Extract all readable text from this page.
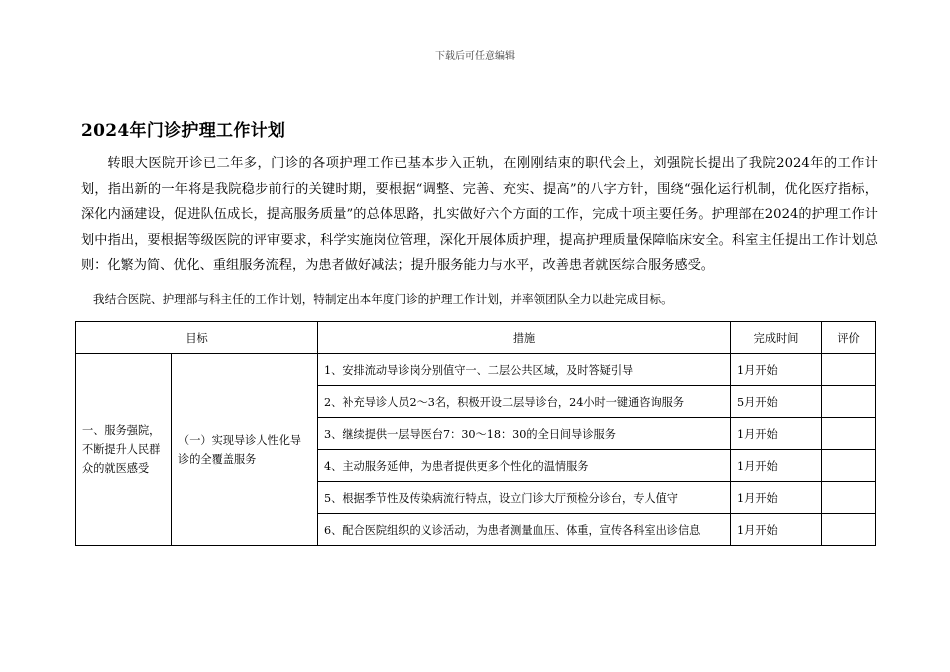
下载后可任意编辑
2024年门诊护理工作计划
转眼大医院开诊已二年多，门诊的各项护理工作已基本步入正轨，在刚刚结束的职代会上，刘强院长提出了我院2024年的工作计划，指出新的一年将是我院稳步前行的关键时期，要根据“调整、完善、充实、提高”的八字方针，围绕“强化运行机制，优化医疗指标，深化内涵建设，促进队伍成长，提高服务质量”的总体思路，扎实做好六个方面的工作，完成十项主要任务。护理部在2024的护理工作计划中指出，要根据等级医院的评审要求，科学实施岗位管理，深化开展体质护理，提高护理质量保障临床安全。科室主任提出工作计划总则：化繁为简、优化、重组服务流程，为患者做好减法；提升服务能力与水平，改善患者就医综合服务感受。
我结合医院、护理部与科主任的工作计划，特制定出本年度门诊的护理工作计划，并率领团队全力以赴完成目标。
目标		措施	完成时间	评价
一、服务强院，不断提升人民群众的就医感受	（一）实现导诊人性化导诊的全覆盖服务	1、安排流动导诊岗分别值守一、二层公共区域，及时答疑引导	1月开始	
		2、补充导诊人员2～3名，积极开设二层导诊台，24小时一键通咨询服务	5月开始	
		3、继续提供一层导医台7：30～18：30的全日间导诊服务	1月开始	
		4、主动服务延伸，为患者提供更多个性化的温情服务	1月开始	
		5、根据季节性及传染病流行特点，设立门诊大厅预检分诊台，专人值守	1月开始	
		6、配合医院组织的义诊活动，为患者测量血压、体重，宣传各科室出诊信息	1月开始	
